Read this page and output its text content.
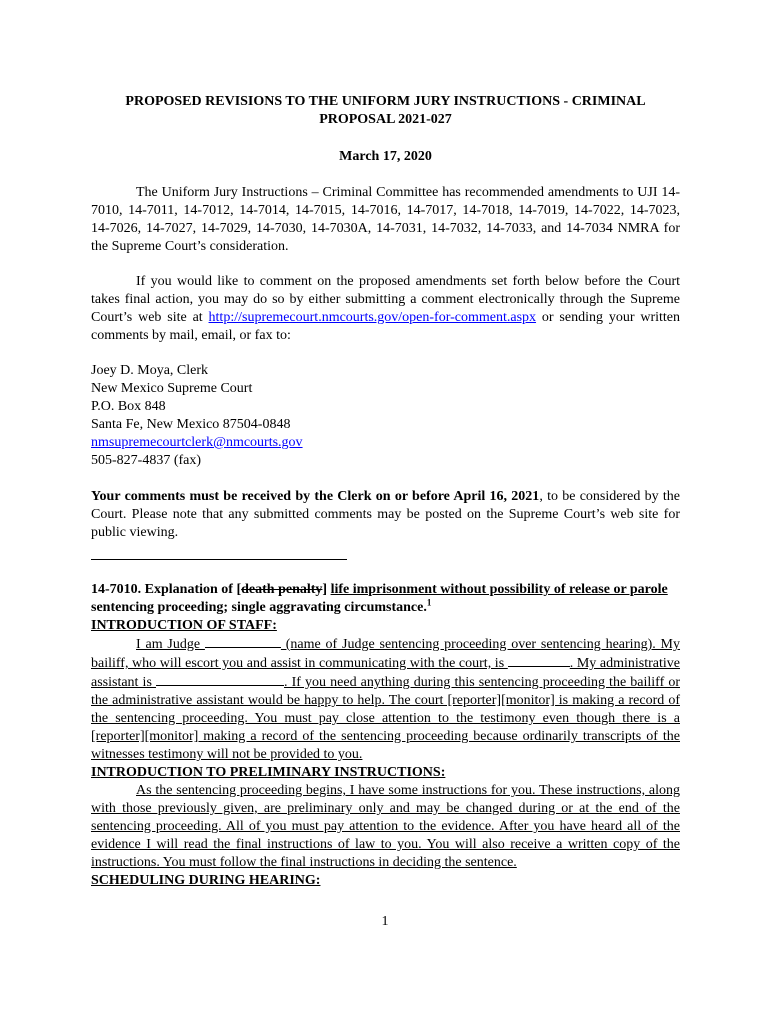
PROPOSED REVISIONS TO THE UNIFORM JURY INSTRUCTIONS - CRIMINAL
PROPOSAL 2021-027

March 17, 2020

The Uniform Jury Instructions – Criminal Committee has recommended amendments to UJI 14-7010, 14-7011, 14-7012, 14-7014, 14-7015, 14-7016, 14-7017, 14-7018, 14-7019, 14-7022, 14-7023, 14-7026, 14-7027, 14-7029, 14-7030, 14-7030A, 14-7031, 14-7032, 14-7033, and 14-7034 NMRA for the Supreme Court’s consideration.

If you would like to comment on the proposed amendments set forth below before the Court takes final action, you may do so by either submitting a comment electronically through the Supreme Court’s web site at http://supremecourt.nmcourts.gov/open-for-comment.aspx or sending your written comments by mail, email, or fax to:

Joey D. Moya, Clerk
New Mexico Supreme Court
P.O. Box 848
Santa Fe, New Mexico 87504-0848
nmsupremecourtclerk@nmcourts.gov
505-827-4837 (fax)

Your comments must be received by the Clerk on or before April 16, 2021, to be considered by the Court. Please note that any submitted comments may be posted on the Supreme Court’s web site for public viewing.

14-7010. Explanation of [death penalty] life imprisonment without possibility of release or parole sentencing proceeding; single aggravating circumstance.$^1$

INTRODUCTION OF STAFF:

I am Judge	(name of Judge sentencing proceeding over sentencing hearing). My bailiff, who will escort you and assist in communicating with the court, is	. My administrative assistant is	. If you need anything during this sentencing proceeding the bailiff or the administrative assistant would be happy to help. The court [reporter][monitor] is making a record of the sentencing proceeding. You must pay close attention to the testimony even though there is a [reporter][monitor] making a record of the sentencing proceeding because ordinarily transcripts of the witnesses testimony will not be provided to you.

INTRODUCTION TO PRELIMINARY INSTRUCTIONS:

As the sentencing proceeding begins, I have some instructions for you. These instructions, along with those previously given, are preliminary only and may be changed during or at the end of the sentencing proceeding. All of you must pay attention to the evidence. After you have heard all of the evidence I will read the final instructions of law to you. You will also receive a written copy of the instructions. You must follow the final instructions in deciding the sentence.

SCHEDULING DURING HEARING:

1
